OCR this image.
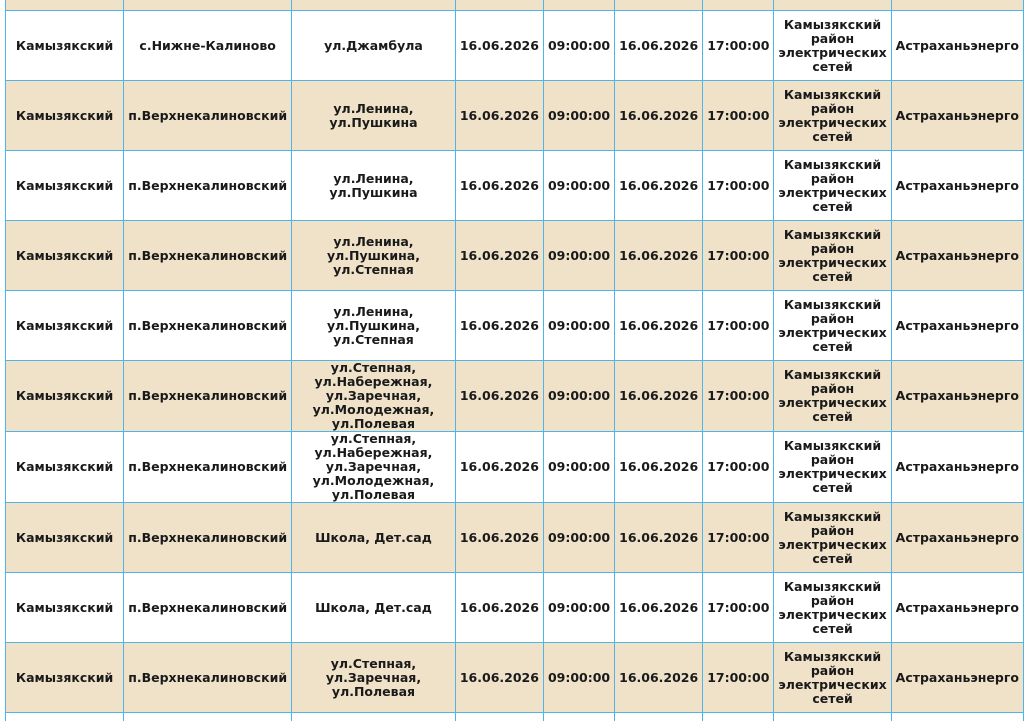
Камызякский	с.Нижне-Калиново	ул.Джамбула	16.06.2026	09:00:00	16.06.2026	17:00:00	Камызякский район электрических сетей	Астраханьэнерго
Камызякский	п.Верхнекалиновский	ул.Ленина, ул.Пушкина	16.06.2026	09:00:00	16.06.2026	17:00:00	Камызякский район электрических сетей	Астраханьэнерго
Камызякский	п.Верхнекалиновский	ул.Ленина, ул.Пушкина	16.06.2026	09:00:00	16.06.2026	17:00:00	Камызякский район электрических сетей	Астраханьэнерго
Камызякский	п.Верхнекалиновский	ул.Ленина, ул.Пушкина, ул.Степная	16.06.2026	09:00:00	16.06.2026	17:00:00	Камызякский район электрических сетей	Астраханьэнерго
Камызякский	п.Верхнекалиновский	ул.Ленина, ул.Пушкина, ул.Степная	16.06.2026	09:00:00	16.06.2026	17:00:00	Камызякский район электрических сетей	Астраханьэнерго
Камызякский	п.Верхнекалиновский	ул.Степная, ул.Набережная, ул.Заречная, ул.Молодежная, ул.Полевая	16.06.2026	09:00:00	16.06.2026	17:00:00	Камызякский район электрических сетей	Астраханьэнерго
Камызякский	п.Верхнекалиновский	ул.Степная, ул.Набережная, ул.Заречная, ул.Молодежная, ул.Полевая	16.06.2026	09:00:00	16.06.2026	17:00:00	Камызякский район электрических сетей	Астраханьэнерго
Камызякский	п.Верхнекалиновский	Школа, Дет.сад	16.06.2026	09:00:00	16.06.2026	17:00:00	Камызякский район электрических сетей	Астраханьэнерго
Камызякский	п.Верхнекалиновский	Школа, Дет.сад	16.06.2026	09:00:00	16.06.2026	17:00:00	Камызякский район электрических сетей	Астраханьэнерго
Камызякский	п.Верхнекалиновский	ул.Степная, ул.Заречная, ул.Полевая	16.06.2026	09:00:00	16.06.2026	17:00:00	Камызякский район электрических сетей	Астраханьэнерго
